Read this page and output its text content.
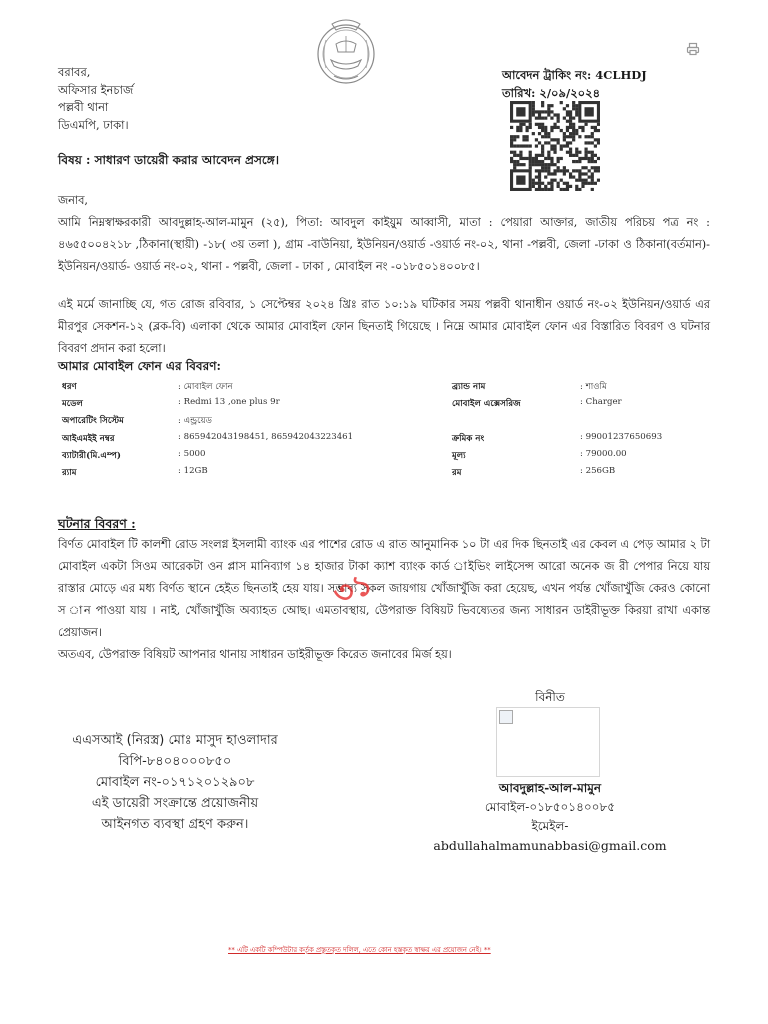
বরাবর,
অফিসার ইনচার্জ
পল্লবী থানা
ডিএমপি, ঢাকা।
আবেদন ট্রাকিং নং: 4CLHDJ
তারিখ: ২/০৯/২০২৪
বিষয় : সাধারণ ডায়েরী করার আবেদন প্রসঙ্গে।
জনাব,
আমি নিম্নস্বাক্ষরকারী আবদুল্লাহ-আল-মামুন (২৫), পিতা: আবদুল কাইয়ুম আব্বাসী, মাতা : পেয়ারা আক্তার, জাতীয় পরিচয় পত্র নং : ৪৬৫৫০০৪২১৮ ,ঠিকানা(স্থায়ী) -১৮( ৩য় তলা ), গ্রাম -বাউনিয়া, ইউনিয়ন/ওয়ার্ড -ওয়ার্ড নং-০২, থানা -পল্লবী, জেলা -ঢাকা ও ঠিকানা(বর্তমান)- ইউনিয়ন/ওয়ার্ড- ওয়ার্ড নং-০২, থানা - পল্লবী, জেলা - ঢাকা , মোবাইল নং -০১৮৫০১৪০০৮৫।
এই মর্মে জানাচ্ছি যে, গত রোজ রবিবার, ১ সেপ্টেম্বর ২০২৪ খ্রিঃ রাত ১০:১৯ ঘটিকার সময় পল্লবী থানাধীন ওয়ার্ড নং-০২ ইউনিয়ন/ওয়ার্ড এর মীরপুর সেকশন-১২ (ব্লক-বি) এলাকা থেকে আমার মোবাইল ফোন ছিনতাই গিয়েছে । নিম্নে আমার মোবাইল ফোন এর বিস্তারিত বিবরণ ও ঘটনার বিবরণ প্রদান করা হলো।
আমার মোবাইল ফোন এর বিবরণ:
ধরণ	: মোবাইল ফোন	ব্র্যান্ড নাম	: শাওমি
মডেল	: Redmi 13 ,one plus 9r	মোবাইল এক্সেসরিজ	: Charger
অপারেটিং সিস্টেম	: এন্ড্রয়েড
আইএমইই নম্বর	: 865942043198451, 865942043223461	ক্রমিক নং	: 99001237650693
ব্যাটারী(মি.এম্প)	: 5000	মূল্য	: 79000.00
র‍্যাম	: 12GB	রম	: 256GB
ঘটনার বিবরণ :
বির্ণত মোবাইল টি কালশী রোড সংলগ্ন ইসলামী ব্যাংক এর পাশের রোড এ রাত আনুমানিক ১০ টা এর দিক ছিনতাই এর কেবল এ পেড় আমার ২ টা মোবাইল একটা সিওম আরেকটা ওন প্লাস মানিব্যাগ ১৪ হাজার টাকা ক্যাশ ব্যাংক কার্ড ্রাইভিং লাইসেন্স আরো অনেক জ রী পেপার নিয়ে যায় রাস্তার মোড়ে এর মধ্য বির্ণত স্থানে হেইত ছিনতাই হেয় যায়। সম্ভাব্য সকল জায়গায় খোঁজাখুঁজি করা হেয়েছ, এখন পর্যন্ত খোঁজাখুঁজি কেরও কোনো স ান পাওয়া যায় । নাই, খোঁজাখুঁজি অব্যাহত আেছ। এমতাবস্থায়, উেপরাক্ত বিষিয়ট ভিবষ্যেতর জন্য সাধারন ডাইরীভূক্ত কিরয়া রাখা একান্ত প্রেয়াজন।
অতএব, উেপরাক্ত বিষিয়ট আপনার থানায় সাধারন ডাইরীভূক্ত কিরেত জনাবের মির্জ হয়।
৩১
এএসআই (নিরস্ত্র) মোঃ মাসুদ হাওলাদার
বিপি-৮৪০৪০০০৮৫০
মোবাইল নং-০১৭১২০১২৯০৮
এই ডায়েরী সংক্রান্তে প্রয়োজনীয়
আইনগত ব্যবস্থা গ্রহণ করুন।
বিনীত
আবদুল্লাহ-আল-মামুন
মোবাইল-০১৮৫০১৪০০৮৫
ইমেইল-
abdullahalmamunabbasi@gmail.com
** এটি একটি কম্পিউটার কর্তৃক প্রস্তুতকৃত দলিল, এতে কোন হস্তকৃত স্বাক্ষর এর প্রয়োজন নেই। **
